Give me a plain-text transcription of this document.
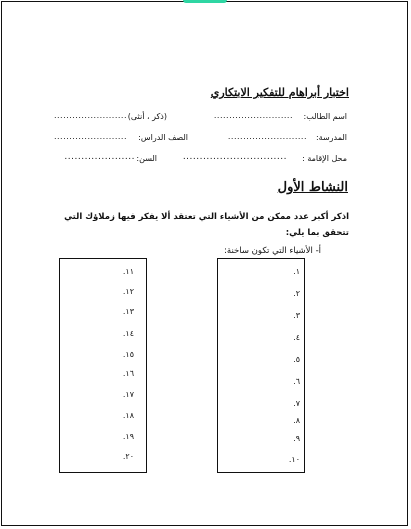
اختبار أبراهام للتفكير الابتكاري
اسم الطالب:
..........................
(ذكر ، أنثى)
........................
المدرسة:
..........................
الصف الدراس:
........................
محل الإقامة :
...............................
السن:
.....................
النشاط الأول
اذكر أكبر عدد ممكن من الأشياء التي تعتقد ألا يفكر فيها زملاؤك التي تتحقق بما يلي:
أ- الأشياء التي تكون ساخنة:
١.
٢.
٣.
٤.
٥.
٦.
٧.
٨.
٩.
١٠.
١١.
١٢.
١٣.
١٤.
١٥.
١٦.
١٧.
١٨.
١٩.
٢٠.
